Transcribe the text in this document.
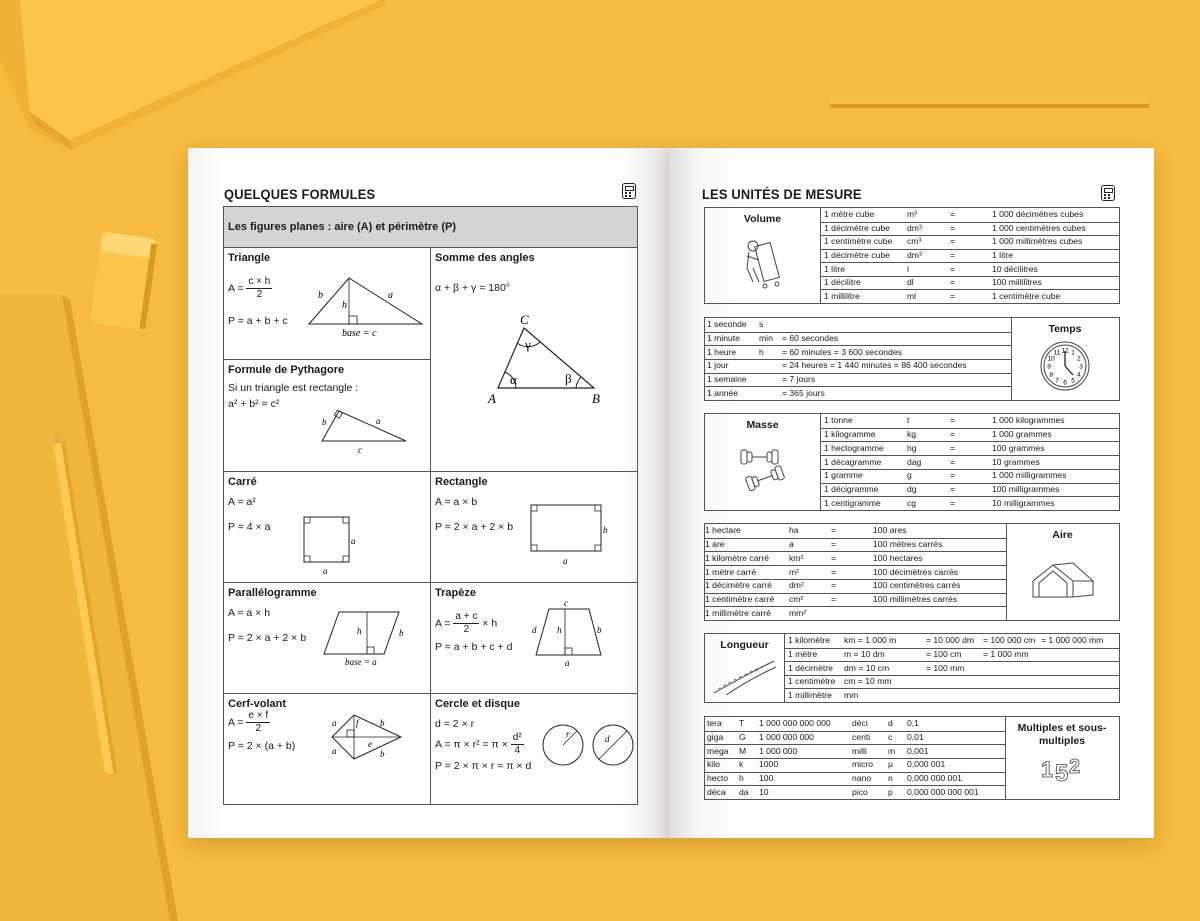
QUELQUES FORMULES
Les figures planes : aire (A) et périmètre (P)
Triangle
$A = \frac{c \times h}{2}$
P = a + b + c
b
h
a
base = c
Somme des angles
α + β + γ = 180°
C
A	B
α	β
γ
Formule de Pythagore
Si un triangle est rectangle :
a² + b² = c²
b	a
c
Carré
A = a²
P = 4 × a
a
a
Rectangle
A = a × b
P = 2 × a + 2 × b	b
a
Parallélogramme
A = a × h
P = 2 × a + 2 × b
h	b
base = a
Trapèze
$A = \frac{a + c}{2} \times h$
P = a + b + c + d
c
d h	b
a
Cerf-volant
$A = \frac{e \times f}{2}$
P = 2 × (a + b)
a f b
e
a	b
Cercle et disque
d = 2 × r
$A = \pi \times r^2 = \pi \times \frac{\text{d²}}{4}$
P = 2 × π × r = π × d
r	d
LES UNITÉS DE MESURE
Volume	1 mètre cube	m³	=	1 000 décimètres cubes
1 décimètre cube dm³	=	1 000 centimètres cubes
1 centimètre cube cm³	=	1 000 millimètres cubes
1 décimètre cube dm³	=	1 litre
1 litre	l	=	10 décilitres
1 décilitre	dl	=	100 millilitres
1 millilitre	ml	=	1 centimètre cube
Temps
12 1
2
3
4
5
6
7
8
9
10
11
1 seconde s
1 minute min = 60 secondes
1 heure	h = 60 minutes = 3 600 secondes
1 jour	= 24 heures = 1 440 minutes = 86 400 secondes
1 semaine	= 7 jours
1 année	= 365 jours
Masse	1 tonne	t	=	1 000 kilogrammes
1 kilogramme	kg	=	1 000 grammes
1 hectogramme	hg	=	100 grammes
1 décagramme	dag	=	10 grammes
1 gramme	g	=	1 000 milligrammes
1 décigramme	dg	=	100 milligrammes
1 centigramme	cg	=	10 milligrammes
Aire
1 hectare	ha	=	100 ares
1 are	a	=	100 mètres carrés
1 kilomètre carré km²	=	100 hectares
1 mètre carré	m²	=	100 décimètres carrés
1 décimètre carré dm²	=	100 centimètres carrés
1 centimètre carré cm²	=	100 millimètres carrés
1 millimètre carré mm²
Longueur	1 kilomètre km = 1 000 m	= 10 000 dm = 100 000 cm = 1 000 000 mm
1 mètre	m = 10 dm	= 100 cm = 1 000 mm
1 décimètre dm = 10 cm	= 100 mm
1 centimètre cm = 10 mm
1 millimètre mm
Multiples et sous-multiples
1 5 2
tera T 1 000 000 000 000 déci d 0,1
giga G 1 000 000 000	centi c 0,01
mega M 1 000 000	milli m 0,001
kilo k 1000	micro µ 0,000 001
hecto h 100	nano n 0,000 000 001
déca da 10	pico p 0,000 000 000 001
